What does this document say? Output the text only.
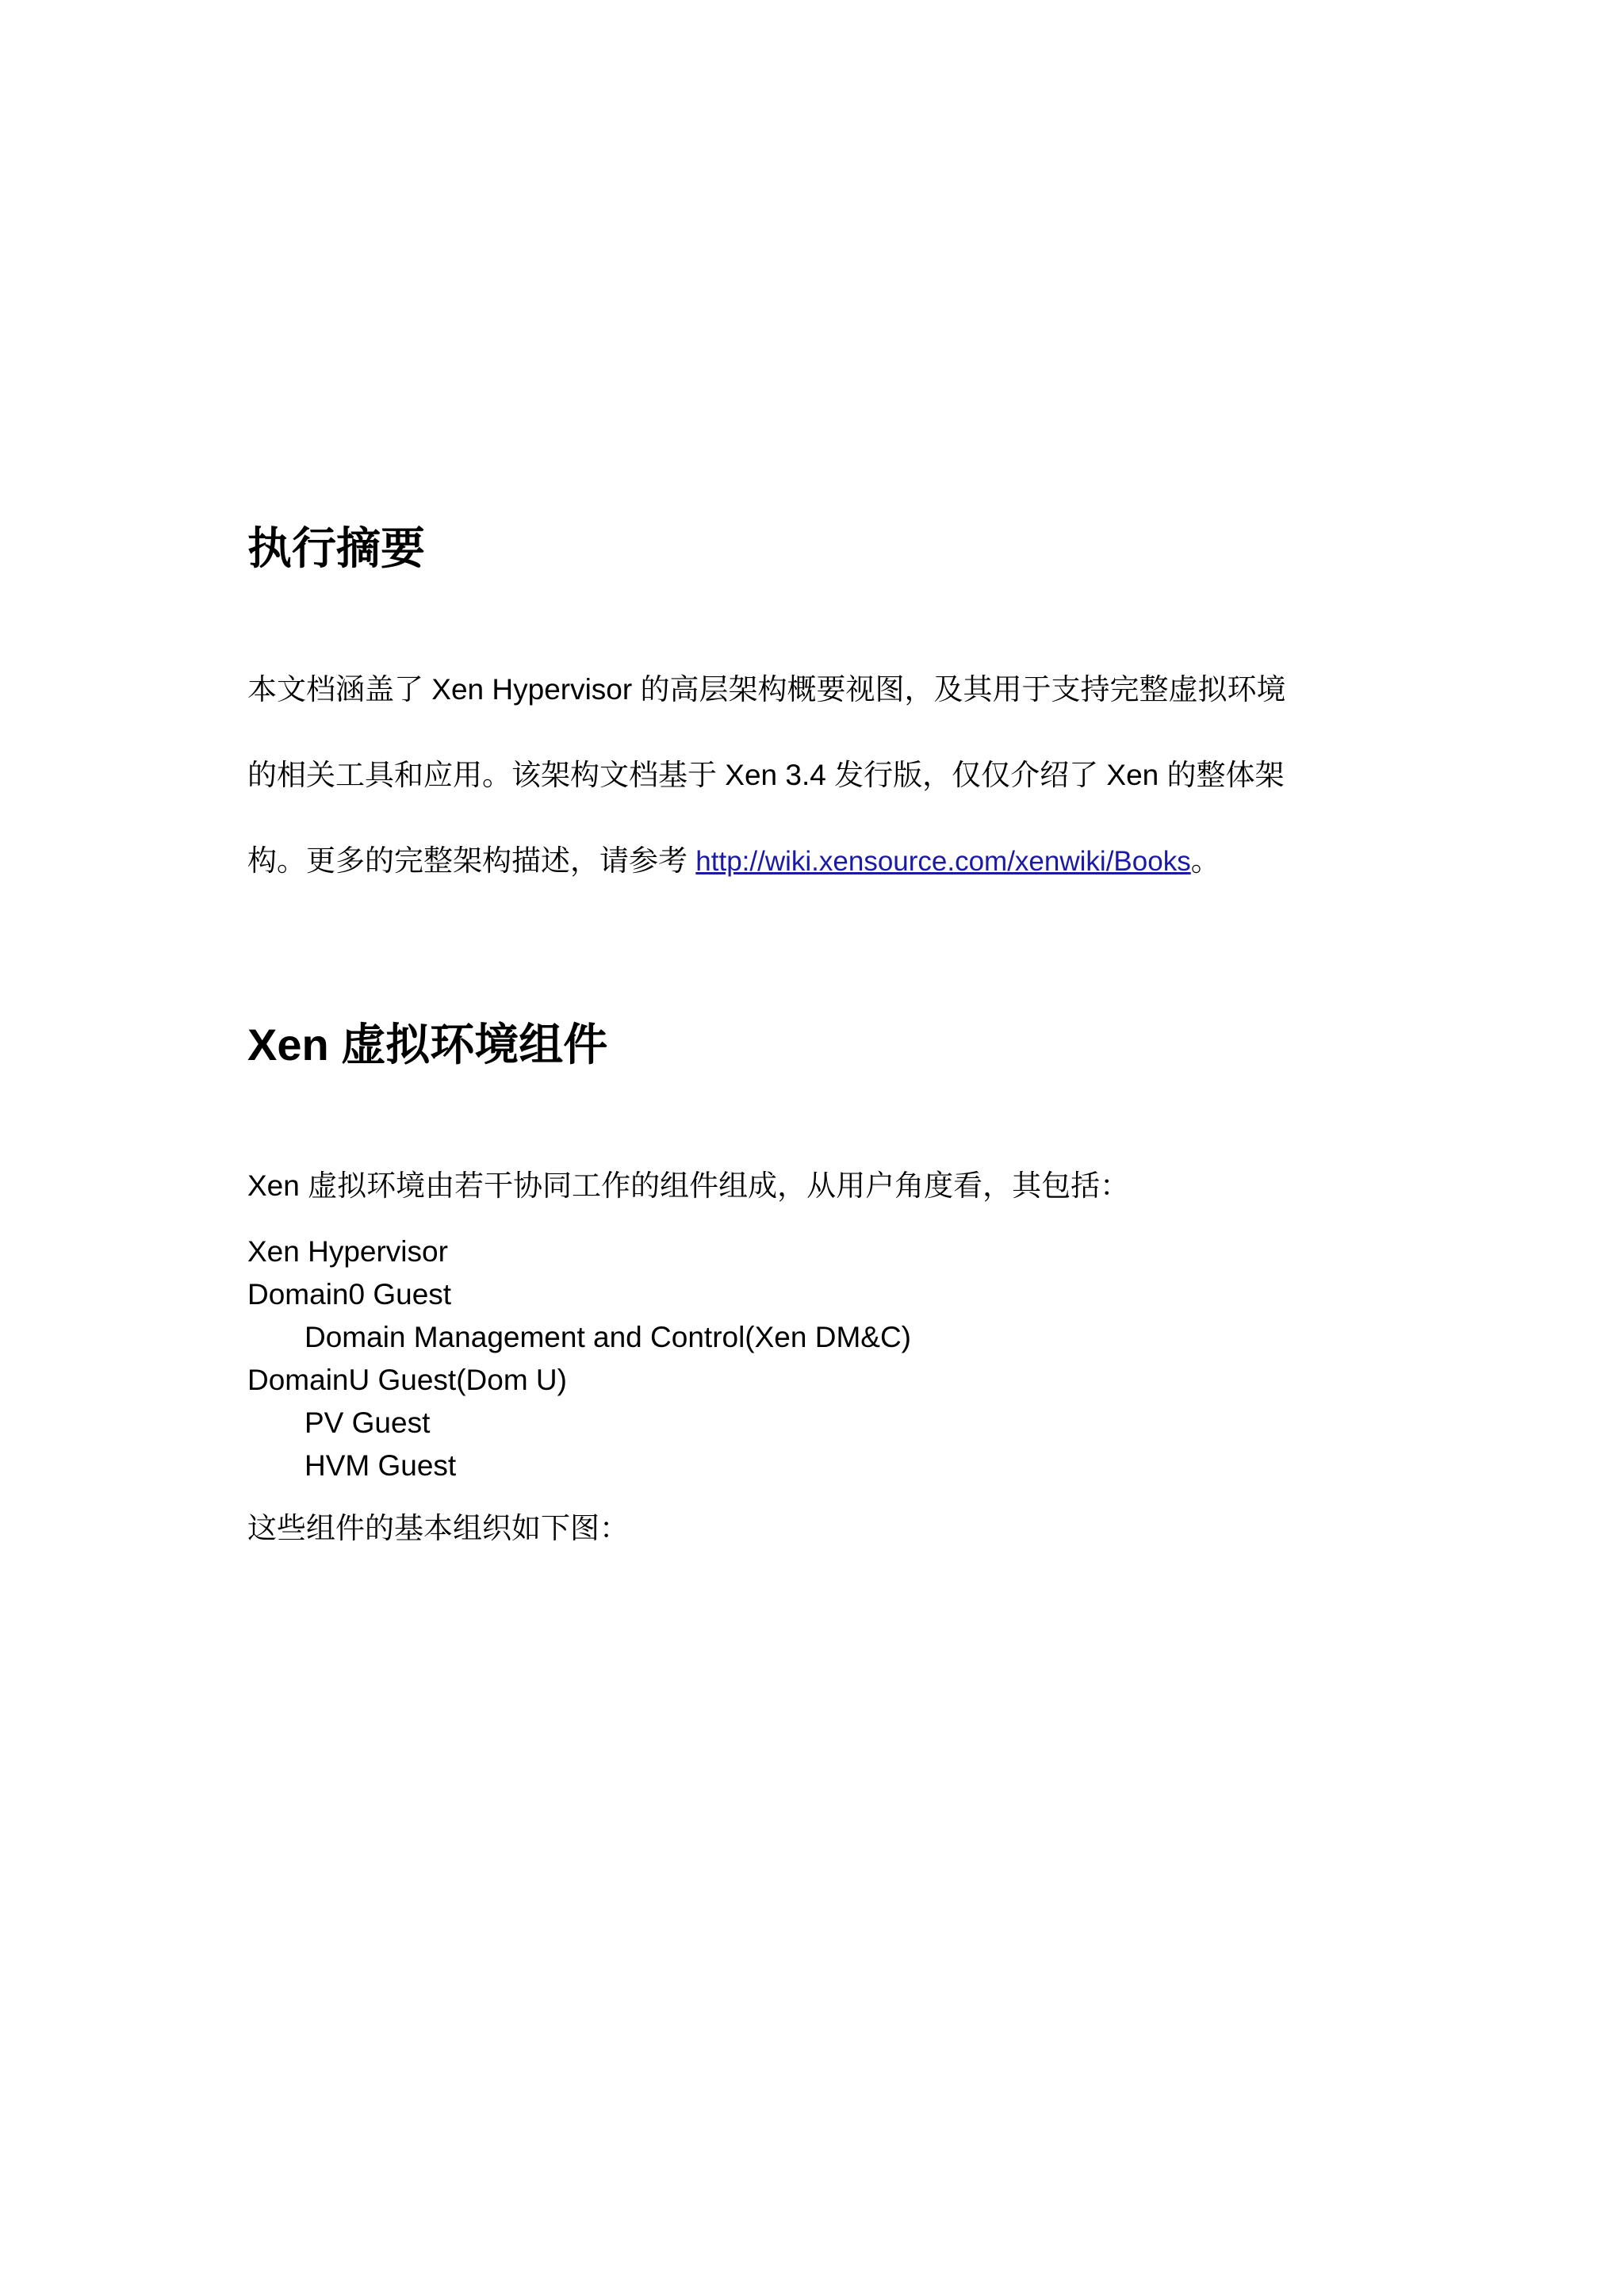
执行摘要
本文档涵盖了 Xen Hypervisor 的高层架构概要视图，及其用于支持完整虚拟环境
的相关工具和应用。该架构文档基于 Xen 3.4 发行版，仅仅介绍了 Xen 的整体架
构。更多的完整架构描述，请参考 http://wiki.xensource.com/xenwiki/Books。
Xen 虚拟环境组件

Xen 虚拟环境由若干协同工作的组件组成，从用户角度看，其包括：

Xen Hypervisor
Domain0 Guest
Domain Management and Control(Xen DM&C)
DomainU Guest(Dom U)
PV Guest
HVM Guest

这些组件的基本组织如下图：
